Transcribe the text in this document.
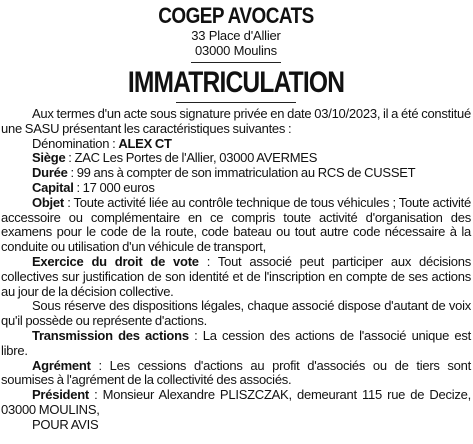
COGEP AVOCATS

33 Place d'Allier

03000 Moulins

IMMATRICULATION

Aux termes d'un acte sous signature privée en date 03/10/2023, il a été constitué une SASU présentant les caractéristiques suivantes :

Dénomination : ALEX CT

Siège : ZAC Les Portes de l'Allier, 03000 AVERMES

Durée : 99 ans à compter de son immatriculation au RCS de CUSSET

Capital : 17 000 euros

Objet : Toute activité liée au contrôle technique de tous véhicules ; Toute activité accessoire ou complémentaire en ce compris toute activité d'organisation des examens pour le code de la route, code bateau ou tout autre code nécessaire à la conduite ou utilisation d'un véhicule de transport,

Exercice du droit de vote : Tout associé peut participer aux décisions collectives sur justification de son identité et de l'inscription en compte de ses actions au jour de la décision collective.

Sous réserve des dispositions légales, chaque associé dispose d'autant de voix qu'il possède ou représente d'actions.

Transmission des actions : La cession des actions de l'associé unique est libre.

Agrément : Les cessions d'actions au profit d'associés ou de tiers sont soumises à l'agrément de la collectivité des associés.

Président : Monsieur Alexandre PLISZCZAK, demeurant 115 rue de Decize, 03000 MOULINS,

POUR AVIS
